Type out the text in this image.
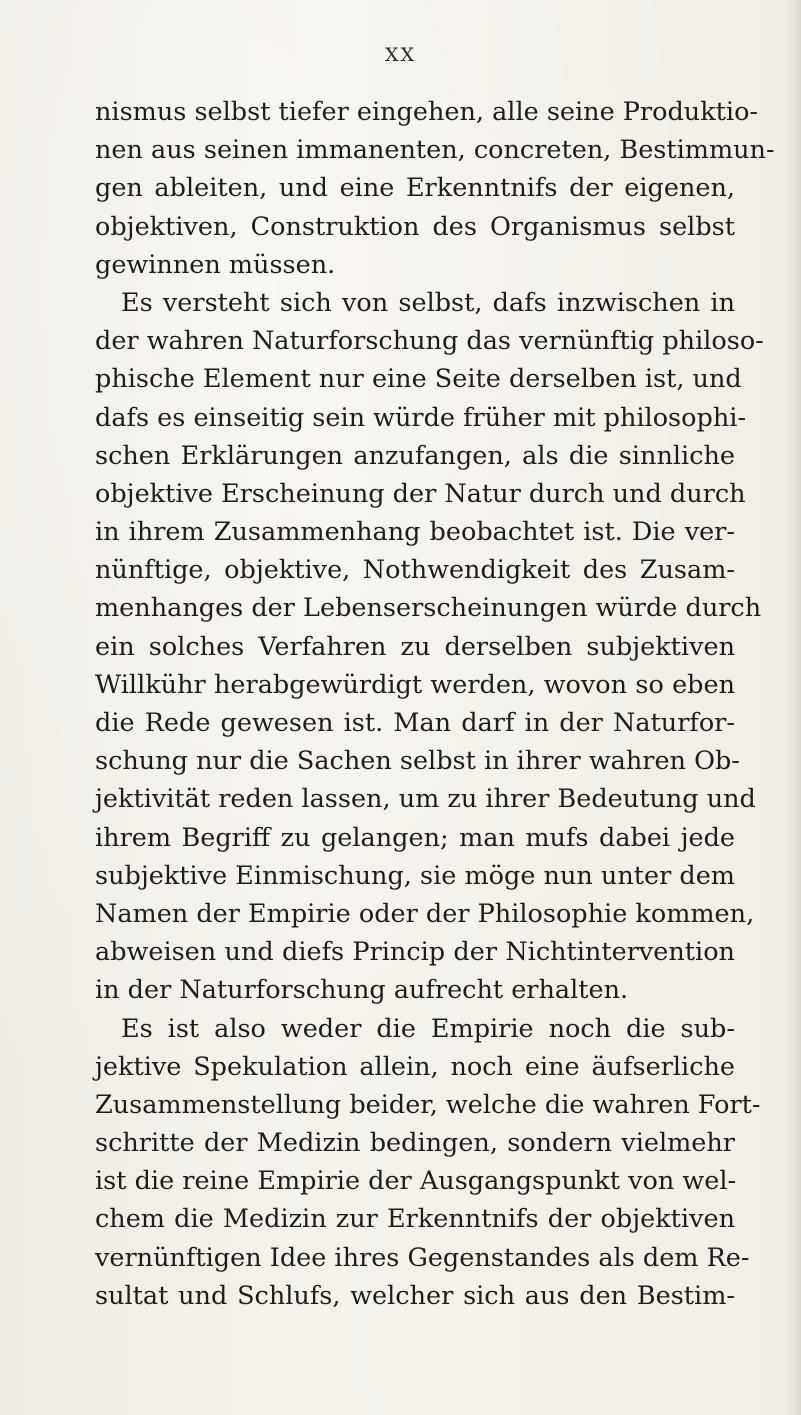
XX
nismus selbst tiefer eingehen, alle seine Produktio-
nen aus seinen immanenten, concreten, Bestimmun-
gen ableiten, und eine Erkenntnifs der eigenen,
objektiven, Construktion des Organismus selbst
gewinnen müssen.
Es versteht sich von selbst, dafs inzwischen in
der wahren Naturforschung das vernünftig philoso-
phische Element nur eine Seite derselben ist, und
dafs es einseitig sein würde früher mit philosophi-
schen Erklärungen anzufangen, als die sinnliche
objektive Erscheinung der Natur durch und durch
in ihrem Zusammenhang beobachtet ist. Die ver-
nünftige, objektive, Nothwendigkeit des Zusam-
menhanges der Lebenserscheinungen würde durch
ein solches Verfahren zu derselben subjektiven
Willkühr herabgewürdigt werden, wovon so eben
die Rede gewesen ist. Man darf in der Naturfor-
schung nur die Sachen selbst in ihrer wahren Ob-
jektivität reden lassen, um zu ihrer Bedeutung und
ihrem Begriff zu gelangen; man mufs dabei jede
subjektive Einmischung, sie möge nun unter dem
Namen der Empirie oder der Philosophie kommen,
abweisen und diefs Princip der Nichtintervention
in der Naturforschung aufrecht erhalten.
Es ist also weder die Empirie noch die sub-
jektive Spekulation allein, noch eine äufserliche
Zusammenstellung beider, welche die wahren Fort-
schritte der Medizin bedingen, sondern vielmehr
ist die reine Empirie der Ausgangspunkt von wel-
chem die Medizin zur Erkenntnifs der objektiven
vernünftigen Idee ihres Gegenstandes als dem Re-
sultat und Schlufs, welcher sich aus den Bestim-
